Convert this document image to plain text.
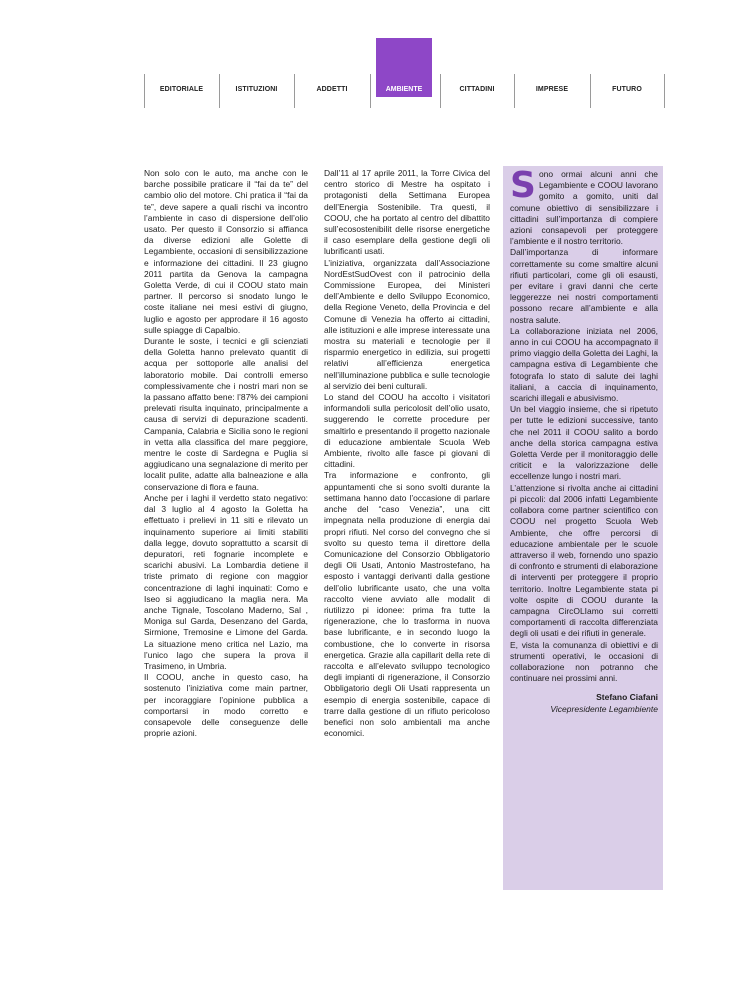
EDITORIALE	ISTITUZIONI	ADDETTI	CITTADINI	IMPRESE	FUTURO
AMBIENTE

Non solo con le auto, ma anche con le barche possibile praticare il “fai da te” del cambio olio del motore. Chi pratica il “fai da te”, deve sapere a quali rischi va incontro l’ambiente in caso di dispersione dell’olio usato. Per questo il Consorzio si affianca da diverse edizioni alle Golette di Legambiente, occasioni di sensibilizzazione e informazione dei cittadini. Il 23 giugno 2011 partita da Genova la campagna Goletta Verde, di cui il COOU stato main partner. Il percorso si snodato lungo le coste italiane nei mesi estivi di giugno, luglio e agosto per approdare il 16 agosto sulle spiagge di Capalbio.

Durante le soste, i tecnici e gli scienziati della Goletta hanno prelevato quantit di acqua per sottoporle alle analisi del laboratorio mobile. Dai controlli emerso complessivamente che i nostri mari non se la passano affatto bene: l’87% dei campioni prelevati risulta inquinato, principalmente a causa di servizi di depurazione scadenti. Campania, Calabria e Sicilia sono le regioni in vetta alla classifica del mare peggiore, mentre le coste di Sardegna e Puglia si aggiudicano una segnalazione di merito per localit pulite, adatte alla balneazione e alla conservazione di flora e fauna.

Anche per i laghi il verdetto stato negativo: dal 3 luglio al 4 agosto la Goletta ha effettuato i prelievi in 11 siti e rilevato un inquinamento superiore ai limiti stabiliti dalla legge, dovuto soprattutto a scarsit di depuratori, reti fognarie incomplete e scarichi abusivi. La Lombardia detiene il triste primato di regione con maggior concentrazione di laghi inquinati: Como e Iseo si aggiudicano la maglia nera. Ma anche Tignale, Toscolano Maderno, Sal , Moniga sul Garda, Desenzano del Garda, Sirmione, Tremosine e Limone del Garda. La situazione meno critica nel Lazio, ma l’unico lago che supera la prova il Trasimeno, in Umbria.

Il COOU, anche in questo caso, ha sostenuto l’iniziativa come main partner, per incoraggiare l’opinione pubblica a comportarsi in modo corretto e consapevole delle conseguenze delle proprie azioni.

Dall’11 al 17 aprile 2011, la Torre Civica del centro storico di Mestre ha ospitato i protagonisti della Settimana Europea dell’Energia Sostenibile. Tra questi, il COOU, che ha portato al centro del dibattito sull’ecosostenibilit delle risorse energetiche il caso esemplare della gestione degli oli lubrificanti usati.

L’iniziativa, organizzata dall’Associazione NordEstSudOvest con il patrocinio della Commissione Europea, dei Ministeri dell’Ambiente e dello Sviluppo Economico, della Regione Veneto, della Provincia e del Comune di Venezia ha offerto ai cittadini, alle istituzioni e alle imprese interessate una mostra su materiali e tecnologie per il risparmio energetico in edilizia, sui progetti relativi all’efficienza energetica nell’illuminazione pubblica e sulle tecnologie al servizio dei beni culturali.

Lo stand del COOU ha accolto i visitatori informandoli sulla pericolosit dell’olio usato, suggerendo le corrette procedure per smaltirlo e presentando il progetto nazionale di educazione ambientale Scuola Web Ambiente, rivolto alle fasce pi giovani di cittadini.

Tra informazione e confronto, gli appuntamenti che si sono svolti durante la settimana hanno dato l’occasione di parlare anche del “caso Venezia”, una citt impegnata nella produzione di energia dai propri rifiuti. Nel corso del convegno che si svolto su questo tema il direttore della Comunicazione del Consorzio Obbligatorio degli Oli Usati, Antonio Mastrostefano, ha esposto i vantaggi derivanti dalla gestione dell’olio lubrificante usato, che una volta raccolto viene avviato alle modalit di riutilizzo pi idonee: prima fra tutte la rigenerazione, che lo trasforma in nuova base lubrificante, e in secondo luogo la combustione, che lo converte in risorsa energetica. Grazie alla capillarit della rete di raccolta e all’elevato sviluppo tecnologico degli impianti di rigenerazione, il Consorzio Obbligatorio degli Oli Usati rappresenta un esempio di energia sostenibile, capace di trarre dalla gestione di un rifiuto pericoloso benefici non solo ambientali ma anche economici.

Sono ormai alcuni anni che Legambiente e COOU lavorano gomito a gomito, uniti dal comune obiettivo di sensibilizzare i cittadini sull’importanza di compiere azioni consapevoli per proteggere l’ambiente e il nostro territorio.

Dall’importanza di informare correttamente su come smaltire alcuni rifiuti particolari, come gli oli esausti, per evitare i gravi danni che certe leggerezze nei nostri comportamenti possono recare all’ambiente e alla nostra salute.

La collaborazione iniziata nel 2006, anno in cui COOU ha accompagnato il primo viaggio della Goletta dei Laghi, la campagna estiva di Legambiente che fotografa lo stato di salute dei laghi italiani, a caccia di inquinamento, scarichi illegali e abusivismo.

Un bel viaggio insieme, che si ripetuto per tutte le edizioni successive, tanto che nel 2011 il COOU salito a bordo anche della storica campagna estiva Goletta Verde per il monitoraggio delle criticit e la valorizzazione delle eccellenze lungo i nostri mari.

L’attenzione si rivolta anche ai cittadini pi piccoli: dal 2006 infatti Legambiente collabora come partner scientifico con COOU nel progetto Scuola Web Ambiente, che offre percorsi di educazione ambientale per le scuole attraverso il web, fornendo uno spazio di confronto e strumenti di elaborazione di interventi per proteggere il proprio territorio. Inoltre Legambiente stata pi volte ospite di COOU durante la campagna CircOLIamo sui corretti comportamenti di raccolta differenziata degli oli usati e dei rifiuti in generale.

E, vista la comunanza di obiettivi e di strumenti operativi, le occasioni di collaborazione non potranno che continuare nei prossimi anni.

Stefano Ciafani

Vicepresidente Legambiente
